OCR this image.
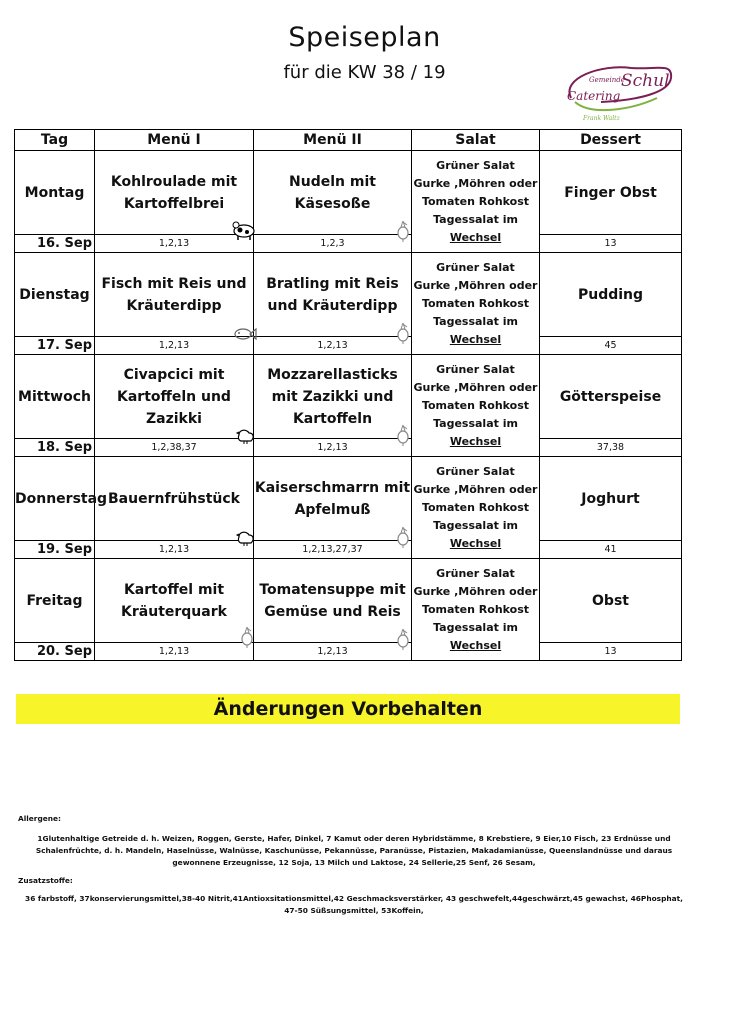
Speiseplan
für die KW 38 / 19	Gemeinde
Schul
Catering
Frank Waltz
Tag	Menü I	Menü II	Salat	Dessert
Montag	Kohlroulade mit Kartoffelbrei	Nudeln mit Käsesoße	Grüner Salat
Gurke ,Möhren oder
Tomaten Rohkost
Tagessalat im
Wechsel	Finger Obst
16. Sep	1,2,13	1,2,3		13
Dienstag	Fisch mit Reis und Kräuterdipp	Bratling mit Reis und Kräuterdipp	Grüner Salat
Gurke ,Möhren oder
Tomaten Rohkost
Tagessalat im
Wechsel	Pudding
17. Sep	1,2,13	1,2,13		45
Mittwoch	Civapcici mit Kartoffeln und Zazikki	Mozzarellasticks mit Zazikki und Kartoffeln	Grüner Salat
Gurke ,Möhren oder
Tomaten Rohkost
Tagessalat im
Wechsel	Götterspeise
18. Sep	1,2,38,37	1,2,13		37,38
Donnerstag	Bauernfrühstück	Kaiserschmarrn mit Apfelmuß	Grüner Salat
Gurke ,Möhren oder
Tomaten Rohkost
Tagessalat im
Wechsel	Joghurt
19. Sep	1,2,13	1,2,13,27,37		41
Freitag	Kartoffel mit Kräuterquark	Tomatensuppe mit Gemüse und Reis	Grüner Salat
Gurke ,Möhren oder
Tomaten Rohkost
Tagessalat im
Wechsel	Obst
20. Sep	1,2,13	1,2,13		13
Änderungen Vorbehalten
Allergene:
1Glutenhaltige Getreide d. h. Weizen, Roggen, Gerste, Hafer, Dinkel, 7 Kamut oder deren Hybridstämme, 8 Krebstiere, 9 Eier,10 Fisch, 23 Erdnüsse und Schalenfrüchte, d. h. Mandeln, Haselnüsse, Walnüsse, Kaschunüsse, Pekannüsse, Paranüsse, Pistazien, Makadamianüsse, Queenslandnüsse und daraus gewonnene Erzeugnisse, 12 Soja, 13 Milch und Laktose, 24 Sellerie,25 Senf, 26 Sesam,
Zusatzstoffe:
36 farbstoff, 37konservierungsmittel,38-40 Nitrit,41Antioxsitationsmittel,42 Geschmacksverstärker, 43 geschwefelt,44geschwärzt,45 gewachst, 46Phosphat, 47-50 Süßsungsmittel, 53Koffein,
